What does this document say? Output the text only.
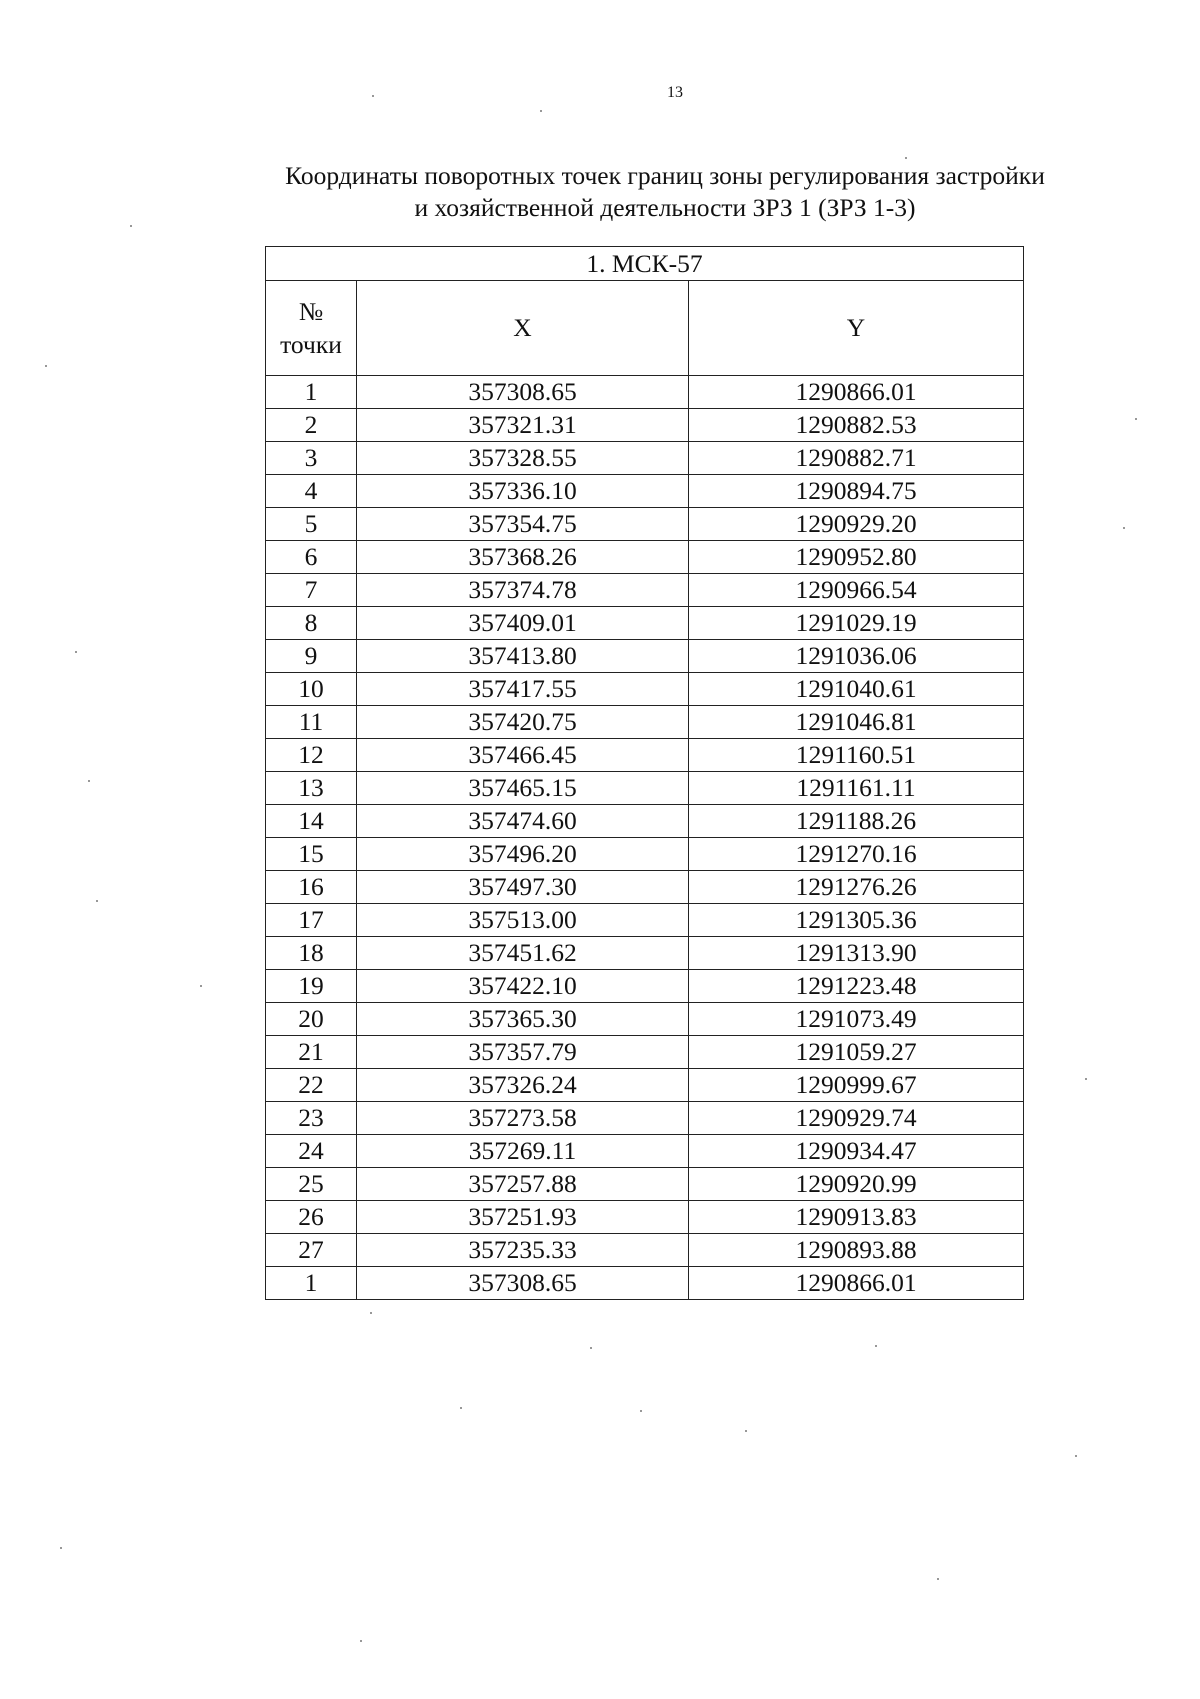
13
Координаты поворотных точек границ зоны регулирования застройки
и хозяйственной деятельности ЗРЗ 1 (ЗРЗ 1-3)
1. МСК-57		

№
точки	X	Y
1	357308.65	1290866.01
2	357321.31	1290882.53
3	357328.55	1290882.71
4	357336.10	1290894.75
5	357354.75	1290929.20
6	357368.26	1290952.80
7	357374.78	1290966.54
8	357409.01	1291029.19
9	357413.80	1291036.06
10	357417.55	1291040.61
11	357420.75	1291046.81
12	357466.45	1291160.51
13	357465.15	1291161.11
14	357474.60	1291188.26
15	357496.20	1291270.16
16	357497.30	1291276.26
17	357513.00	1291305.36
18	357451.62	1291313.90
19	357422.10	1291223.48
20	357365.30	1291073.49
21	357357.79	1291059.27
22	357326.24	1290999.67
23	357273.58	1290929.74
24	357269.11	1290934.47
25	357257.88	1290920.99
26	357251.93	1290913.83
27	357235.33	1290893.88
1	357308.65	1290866.01
